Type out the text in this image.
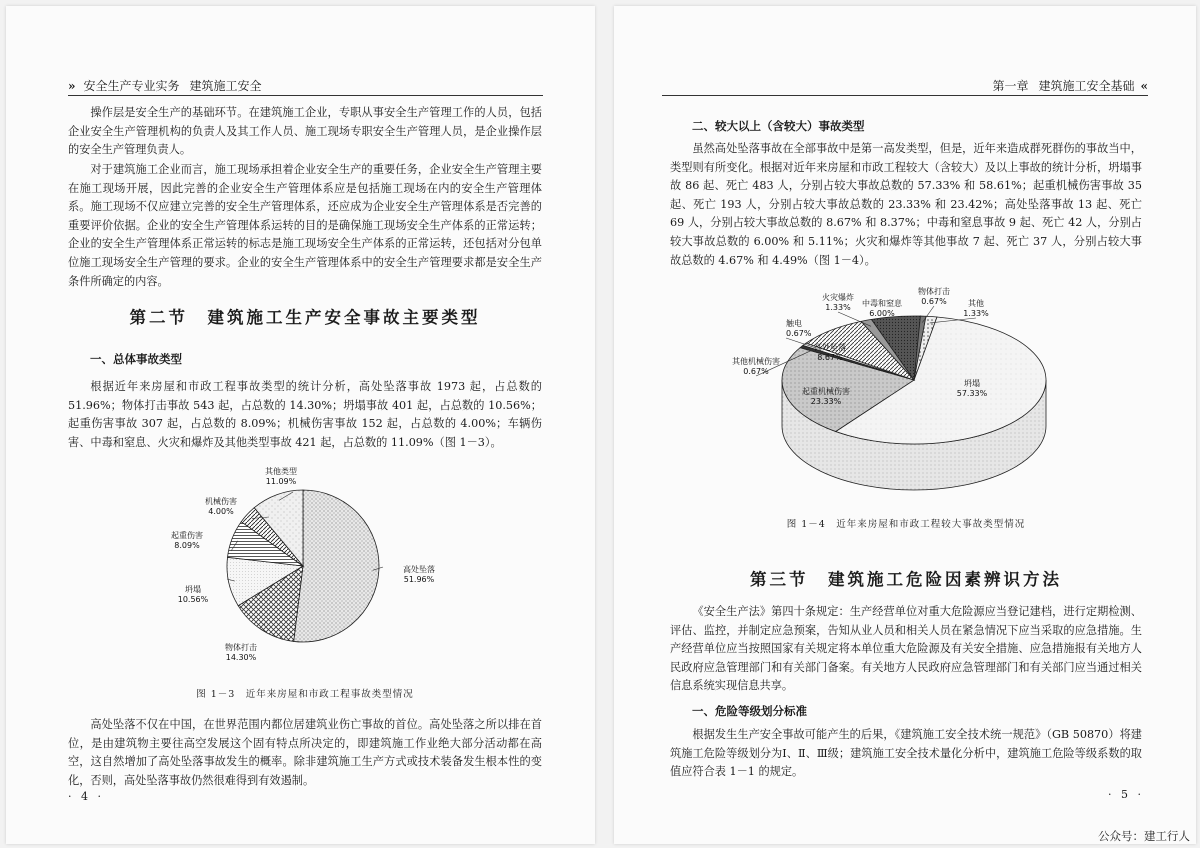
» 安全生产专业实务 建筑施工安全

操作层是安全生产的基础环节。在建筑施工企业，专职从事安全生产管理工作的人员，包括企业安全生产管理机构的负责人及其工作人员、施工现场专职安全生产管理人员，是企业操作层的安全生产管理负责人。

对于建筑施工企业而言，施工现场承担着企业安全生产的重要任务，企业安全生产管理主要在施工现场开展，因此完善的企业安全生产管理体系应是包括施工现场在内的安全生产管理体系。施工现场不仅应建立完善的安全生产管理体系，还应成为企业安全生产管理体系是否完善的重要评价依据。企业的安全生产管理体系运转的目的是确保施工现场安全生产体系的正常运转；企业的安全生产管理体系正常运转的标志是施工现场安全生产体系的正常运转，还包括对分包单位施工现场安全生产管理的要求。企业的安全生产管理体系中的安全生产管理要求都是安全生产条件所确定的内容。

第二节　建筑施工生产安全事故主要类型
一、总体事故类型

根据近年来房屋和市政工程事故类型的统计分析，高处坠落事故 1973 起，占总数的 51.96%；物体打击事故 543 起，占总数的 14.30%；坍塌事故 401 起，占总数的 10.56%；起重伤害事故 307 起，占总数的 8.09%；机械伤害事故 152 起，占总数的 4.00%；车辆伤害、中毒和窒息、火灾和爆炸及其他类型事故 421 起，占总数的 11.09%（图 1－3）。

高处坠落
51.96%
物体打击
14.30%
坍塌
10.56%
起重伤害
8.09%
机械伤害
4.00%
其他类型
11.09%
图 1－3　近年来房屋和市政工程事故类型情况

高处坠落不仅在中国，在世界范围内都位居建筑业伤亡事故的首位。高处坠落之所以排在首位，是由建筑物主要往高空发展这个固有特点所决定的，即建筑施工作业绝大部分活动都在高空，这自然增加了高处坠落事故发生的概率。除非建筑施工生产方式或技术装备发生根本性的变化，否则，高处坠落事故仍然很难得到有效遏制。

· 4 ·
第一章 建筑施工安全基础 «
二、较大以上（含较大）事故类型

虽然高处坠落事故在全部事故中是第一高发类型，但是，近年来造成群死群伤的事故当中，类型则有所变化。根据对近年来房屋和市政工程较大（含较大）及以上事故的统计分析，坍塌事故 86 起、死亡 483 人，分别占较大事故总数的 57.33% 和 58.61%；起重机械伤害事故 35 起、死亡 193 人，分别占较大事故总数的 23.33% 和 23.42%；高处坠落事故 13 起、死亡 69 人，分别占较大事故总数的 8.67% 和 8.37%；中毒和窒息事故 9 起、死亡 42 人，分别占较大事故总数的 6.00% 和 5.11%；火灾和爆炸等其他事故 7 起、死亡 37 人，分别占较大事故总数的 4.67% 和 4.49%（图 1－4）。

坍塌
57.33%
起重机械伤害
23.33%
其他机械伤害
0.67%
触电
0.67%
高处坠落
8.67%
火灾爆炸
1.33% 中毒和窒息
6.00%
物体打击
0.67%	其他
1.33%
图 1－4　近年来房屋和市政工程较大事故类型情况
第三节　建筑施工危险因素辨识方法

《安全生产法》第四十条规定：生产经营单位对重大危险源应当登记建档，进行定期检测、评估、监控，并制定应急预案，告知从业人员和相关人员在紧急情况下应当采取的应急措施。生产经营单位应当按照国家有关规定将本单位重大危险源及有关安全措施、应急措施报有关地方人民政府应急管理部门和有关部门备案。有关地方人民政府应急管理部门和有关部门应当通过相关信息系统实现信息共享。

一、危险等级划分标准

根据发生生产安全事故可能产生的后果，《建筑施工安全技术统一规范》（GB 50870）将建筑施工危险等级划分为Ⅰ、Ⅱ、Ⅲ级；建筑施工安全技术量化分析中，建筑施工危险等级系数的取值应符合表 1－1 的规定。

· 5 ·
公众号：建工行人
